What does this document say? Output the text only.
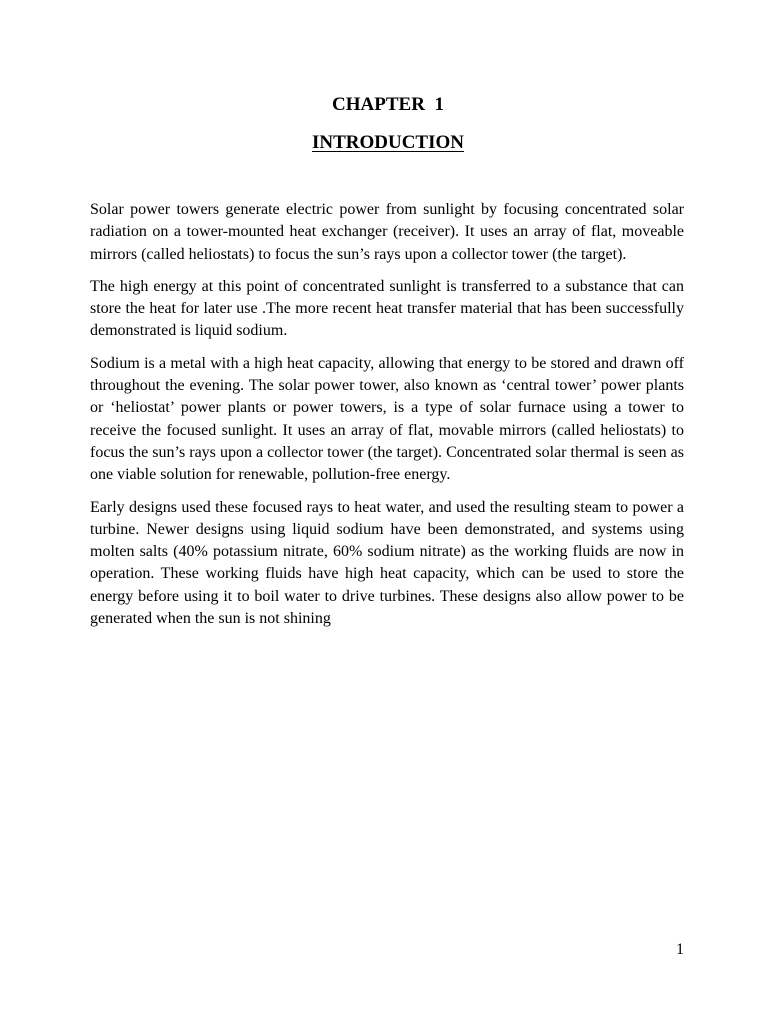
CHAPTER  1
INTRODUCTION

Solar power towers generate electric power from sunlight by focusing concentrated solar radiation on a tower-mounted heat exchanger (receiver). It uses an array of flat, moveable mirrors (called heliostats) to focus the sun’s rays upon a collector tower (the target).

The high energy at this point of concentrated sunlight is transferred to a substance that can store the heat for later use .The more recent heat transfer material that has been successfully demonstrated is liquid sodium.

Sodium is a metal with a high heat capacity, allowing that energy to be stored and drawn off throughout the evening. The solar power tower, also known as ‘central tower’ power plants or ‘heliostat’ power plants or power towers, is a type of solar furnace using a tower to receive the focused sunlight. It uses an array of flat, movable mirrors (called heliostats) to focus the sun’s rays upon a collector tower (the target). Concentrated solar thermal is seen as one viable solution for renewable, pollution-free energy.

Early designs used these focused rays to heat water, and used the resulting steam to power a turbine. Newer designs using liquid sodium have been demonstrated, and systems using molten salts (40% potassium nitrate, 60% sodium nitrate) as the working fluids are now in operation. These working fluids have high heat capacity, which can be used to store the energy before using it to boil water to drive turbines. These designs also allow power to be generated when the sun is not shining

1
